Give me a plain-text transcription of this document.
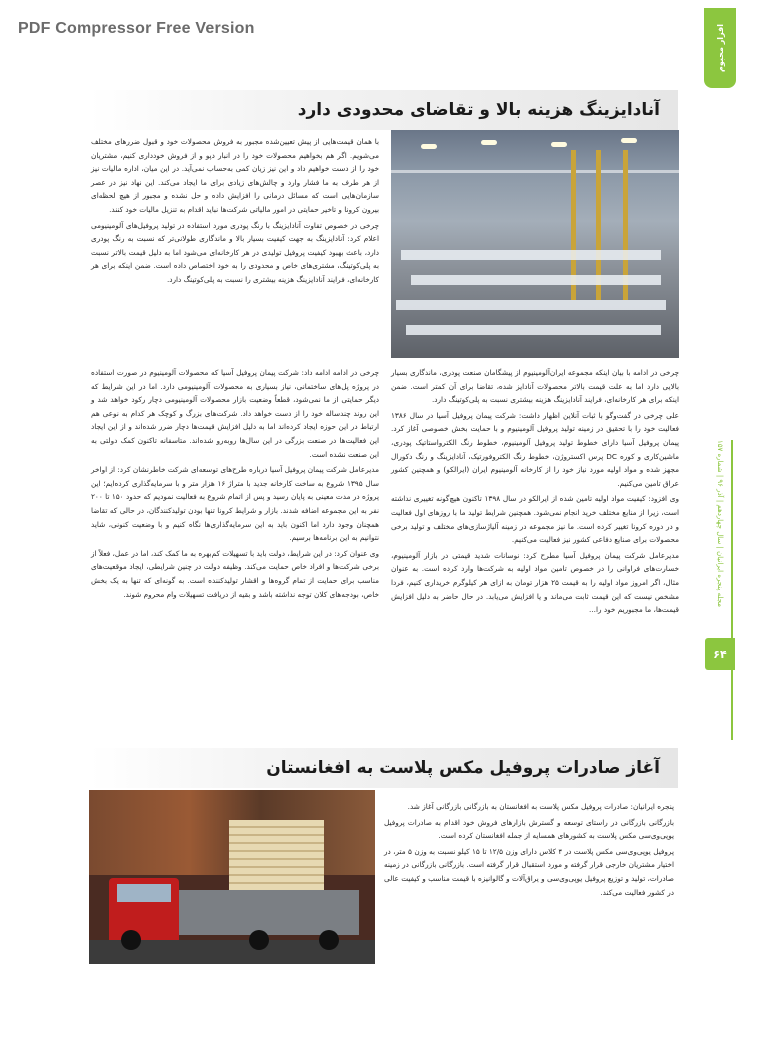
PDF Compressor Free Version	افزار محبوم
مجله پنجره ایرانیان | سال چهاردهم | آذر ۹۶ | شماره ۱۵۷
۶۴
آنادایزینگ هزینه بالا و تقاضای محدودی دارد

با همان قیمت‌هایی از پیش تعیین‌شده مجبور به فروش محصولات خود و قبول ضررهای مختلف می‌شویم. اگر هم بخواهیم محصولات خود را در انبار دپو و از فروش خودداری کنیم، مشتریان خود را از دست خواهیم داد و این نیز زیان کمی به‌حساب نمی‌آید. در این میان، اداره مالیات نیز از هر طرف به ما فشار وارد و چالش‌های زیادی برای ما ایجاد می‌کند. این نهاد نیز در عصر سازمان‌هایی است که مسائل درمانی را افزایش داده و حل نشده و مجبور از هیچ لحظه‌ای بیرون کرونا و تاخیر حمایتی در امور مالیاتی شرکت‌ها نباید اقدام به تنزیل مالیات خود کنند.

چرخی در خصوص تفاوت آنادایزینگ با رنگ پودری مورد استفاده در تولید پروفیل‌های آلومینیومی اعلام کرد: آنادایزینگ به جهت کیفیت بسیار بالا و ماندگاری طولانی‌تر که نسبت به رنگ پودری دارد، باعث بهبود کیفیت پروفیل تولیدی در هر کارخانه‌ای می‌شود اما به دلیل قیمت بالاتر نسبت به پلی‌کوتینگ، مشتری‌های خاص و محدودی را به خود اختصاص داده است. ضمن اینکه برای هر کارخانه‌ای، فرایند آنادایزینگ هزینه بیشتری را نسبت به پلی‌کوتینگ دارد.

چرخی در ادامه با بیان اینکه مجموعه ایران‌آلومینیوم از پیشگامان صنعت پودری، ماندگاری بسیار بالایی دارد اما به علت قیمت بالاتر محصولات آنادایز شده، تقاضا برای آن کمتر است. ضمن اینکه برای هر کارخانه‌ای، فرایند آنادایزینگ هزینه بیشتری نسبت به پلی‌کوتینگ دارد.

علی چرخی در گفت‌وگو با ثبات آنلاین اظهار داشت: شرکت پیمان پروفیل آسیا در سال ۱۳۸۶ فعالیت خود را با تحقیق در زمینه تولید پروفیل آلومینیوم و با حمایت بخش خصوصی آغاز کرد. پیمان پروفیل آسیا دارای خطوط تولید پروفیل آلومینیوم، خطوط رنگ الکترواستاتیک پودری، ماشین‌کاری و کوره DC پرس اکستروژن، خطوط رنگ الکتروفورتیک، آنادایزینگ و رنگ دکورال مجهز شده و مواد اولیه مورد نیاز خود را از کارخانه آلومینیوم ایران (ایرالکو) و همچنین کشور عراق تامین می‌کنیم.

وی افزود: کیفیت مواد اولیه تامین شده از ایرالکو در سال ۱۳۹۸ تاکنون هیچ‌گونه تغییری نداشته است، زیرا از منابع مختلف خرید انجام نمی‌شود. همچنین شرایط تولید ما با روزهای اول فعالیت و در دوره کرونا تغییر کرده است. ما نیز مجموعه در زمینه آلیاژسازی‌های مختلف و تولید برخی محصولات برای صنایع دفاعی کشور نیز فعالیت می‌کنیم.

مدیرعامل شرکت پیمان پروفیل آسیا مطرح کرد: نوسانات شدید قیمتی در بازار آلومینیوم، خسارت‌های فراوانی را در خصوص تامین مواد اولیه به شرکت‌ها وارد کرده است. به عنوان مثال، اگر امروز مواد اولیه را به قیمت ۲۵ هزار تومان به ازای هر کیلوگرم خریداری کنیم، فردا مشخص نیست که این قیمت ثابت می‌ماند و یا افزایش می‌یابد. در حال حاضر به دلیل افزایش قیمت‌ها، ما مجبوریم خود را...

چرخی در ادامه ادامه داد: شرکت پیمان پروفیل آسیا که محصولات آلومینیوم در صورت استفاده در پروژه پل‌های ساختمانی، نیاز بسیاری به محصولات آلومینیومی دارد. اما در این شرایط که دیگر حمایتی از ما نمی‌شود، قطعاً وضعیت بازار محصولات آلومینیومی دچار رکود خواهد شد و این روند چندساله خود را از دست خواهد داد. شرکت‌های بزرگ و کوچک هر کدام به نوعی هم ارتباط در این حوزه ایجاد کرده‌اند اما به دلیل افزایش قیمت‌ها دچار ضرر شده‌اند و از این ایجاد این فعالیت‌ها در صنعت بزرگی در این سال‌ها روبه‌رو شده‌اند. متاسفانه تاکنون کمک دولتی به این صنعت نشده است.

مدیرعامل شرکت پیمان پروفیل آسیا درباره طرح‌های توسعه‌ای شرکت خاطرنشان کرد: از اواخر سال ۱۳۹۵ شروع به ساخت کارخانه جدید با متراژ ۱۶ هزار متر و با سرمایه‌گذاری کرده‌ایم؛ این پروژه در مدت معینی به پایان رسید و پس از اتمام شروع به فعالیت نمودیم که حدود ۱۵۰ تا ۲۰۰ نفر به این مجموعه اضافه شدند. بازار و شرایط کرونا تنها بودن تولیدکنندگان، در حالی که تقاضا همچنان وجود دارد اما اکنون باید به این سرمایه‌گذاری‌ها نگاه کنیم و با وضعیت کنونی، شاید نتوانیم به این برنامه‌ها برسیم.

وی عنوان کرد: در این شرایط، دولت باید با تسهیلات کم‌بهره به ما کمک کند، اما در عمل، فعلاً از برخی شرکت‌ها و افراد خاص حمایت می‌کند. وظیفه دولت در چنین شرایطی، ایجاد موقعیت‌های مناسب برای حمایت از تمام گروه‌ها و اقشار تولیدکننده است. به گونه‌ای که تنها به یک بخش خاص، بودجه‌های کلان توجه نداشته باشد و بقیه از دریافت تسهیلات وام محروم شوند.

آغاز صادرات پروفیل مکس پلاست به افغانستان

پنجره ایرانیان: صادرات پروفیل مکس پلاست به افغانستان به بازرگانی بازرگانی آغاز شد.

بازرگانی بازرگانی در راستای توسعه و گسترش بازارهای فروش خود اقدام به صادرات پروفیل یو‌پی‌وی‌سی مکس پلاست به کشورهای همسایه از جمله افغانستان کرده است.

پروفیل یو‌پی‌وی‌سی مکس پلاست در ۴ کلاس دارای وزن ۱۲/۵ تا ۱۵ کیلو نسبت به وزن ۵ متر، در اختیار مشتریان خارجی قرار گرفته و مورد استقبال قرار گرفته است. بازرگانی بازرگانی در زمینه صادرات، تولید و توزیع پروفیل یو‌پی‌وی‌سی و یراق‌آلات و گالوانیزه با قیمت مناسب و کیفیت عالی در کشور فعالیت می‌کند.
